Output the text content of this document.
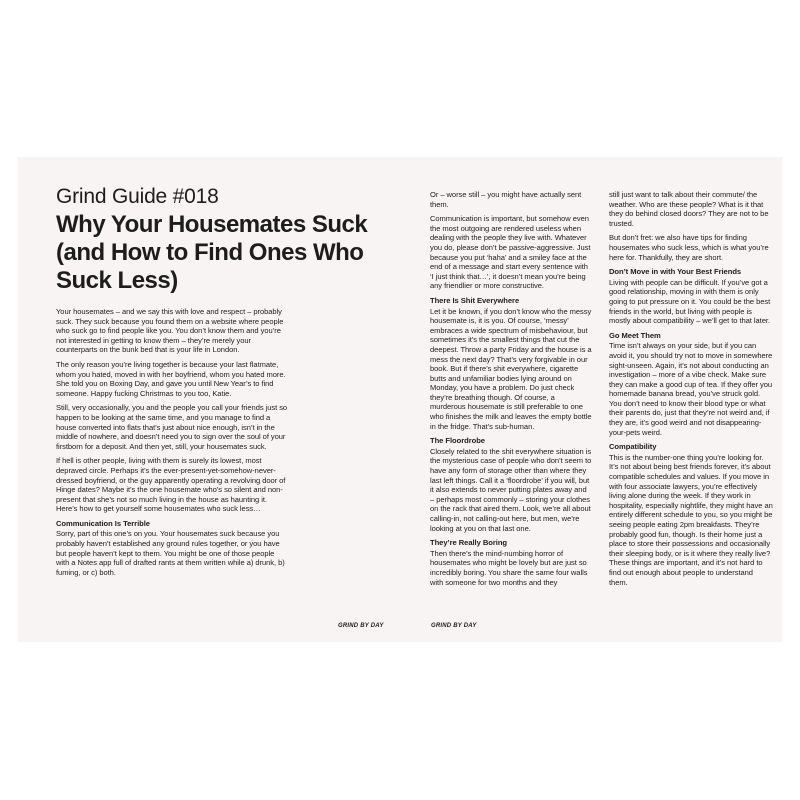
Grind Guide #018
Why Your Housemates Suck (and How to Find Ones Who Suck Less)

Your housemates – and we say this with love and respect – probably suck. They suck because you found them on a website where people who suck go to find people like you. You don’t know them and you’re not interested in getting to know them – they’re merely your counterparts on the bunk bed that is your life in London.

The only reason you’re living together is because your last flatmate, whom you hated, moved in with her boyfriend, whom you hated more. She told you on Boxing Day, and gave you until New Year’s to find someone. Happy fucking Christmas to you too, Katie.

Still, very occasionally, you and the people you call your friends just so happen to be looking at the same time, and you manage to find a house converted into flats that’s just about nice enough, isn’t in the middle of nowhere, and doesn’t need you to sign over the soul of your firstborn for a deposit. And then yet, still, your housemates suck.

If hell is other people, living with them is surely its lowest, most depraved circle. Perhaps it’s the ever-present-yet-somehow-never-dressed boyfriend, or the guy apparently operating a revolving door of Hinge dates? Maybe it’s the one housemate who’s so silent and non-present that she’s not so much living in the house as haunting it. Here’s how to get yourself some housemates who suck less…

Communication Is Terrible

Sorry, part of this one’s on you. Your housemates suck because you probably haven’t established any ground rules together, or you have but people haven’t kept to them. You might be one of those people with a Notes app full of drafted rants at them written while a) drunk, b) fuming, or c) both.

GRIND BY DAY

Or – worse still – you might have actually sent them.

Communication is important, but somehow even the most outgoing are rendered useless when dealing with the people they live with. Whatever you do, please don’t be passive-aggressive. Just because you put ‘haha’ and a smiley face at the end of a message and start every sentence with ‘I just think that…’, it doesn’t mean you’re being any friendlier or more constructive.

There Is Shit Everywhere

Let it be known, if you don’t know who the messy housemate is, it is you. Of course, ‘messy’ embraces a wide spectrum of misbehaviour, but sometimes it’s the smallest things that cut the deepest. Throw a party Friday and the house is a mess the next day? That’s very forgivable in our book. But if there’s shit everywhere, cigarette butts and unfamiliar bodies lying around on Monday, you have a problem. Do just check they’re breathing though. Of course, a murderous housemate is still preferable to one who finishes the milk and leaves the empty bottle in the fridge. That’s sub-human.

The Floordrobe

Closely related to the shit everywhere situation is the mysterious case of people who don’t seem to have any form of storage other than where they last left things. Call it a ‘floordrobe’ if you will, but it also extends to never putting plates away and – perhaps most commonly – storing your clothes on the rack that aired them. Look, we’re all about calling-in, not calling-out here, but men, we’re looking at you on that last one.

They’re Really Boring

Then there’s the mind-numbing horror of housemates who might be lovely but are just so incredibly boring. You share the same four walls with someone for two months and they

still just want to talk about their commute/ the weather. Who are these people? What is it that they do behind closed doors? They are not to be trusted.

But don’t fret: we also have tips for finding housemates who suck less, which is what you’re here for. Thankfully, they are short.

Don’t Move in with Your Best Friends

Living with people can be difficult. If you’ve got a good relationship, moving in with them is only going to put pressure on it. You could be the best friends in the world, but living with people is mostly about compatibility – we’ll get to that later.

Go Meet Them

Time isn’t always on your side, but if you can avoid it, you should try not to move in somewhere sight-unseen. Again, it’s not about conducting an investigation – more of a vibe check. Make sure they can make a good cup of tea. If they offer you homemade banana bread, you’ve struck gold. You don’t need to know their blood type or what their parents do, just that they’re not weird and, if they are, it’s good weird and not disappearing-your-pets weird.

Compatibility

This is the number-one thing you’re looking for. It’s not about being best friends forever, it’s about compatible schedules and values. If you move in with four associate lawyers, you’re effectively living alone during the week. If they work in hospitality, especially nightlife, they might have an entirely different schedule to you, so you might be seeing people eating 2pm breakfasts. They’re probably good fun, though. Is their home just a place to store their possessions and occasionally their sleeping body, or is it where they really live? These things are important, and it’s not hard to find out enough about people to understand them.

GRIND BY DAY
